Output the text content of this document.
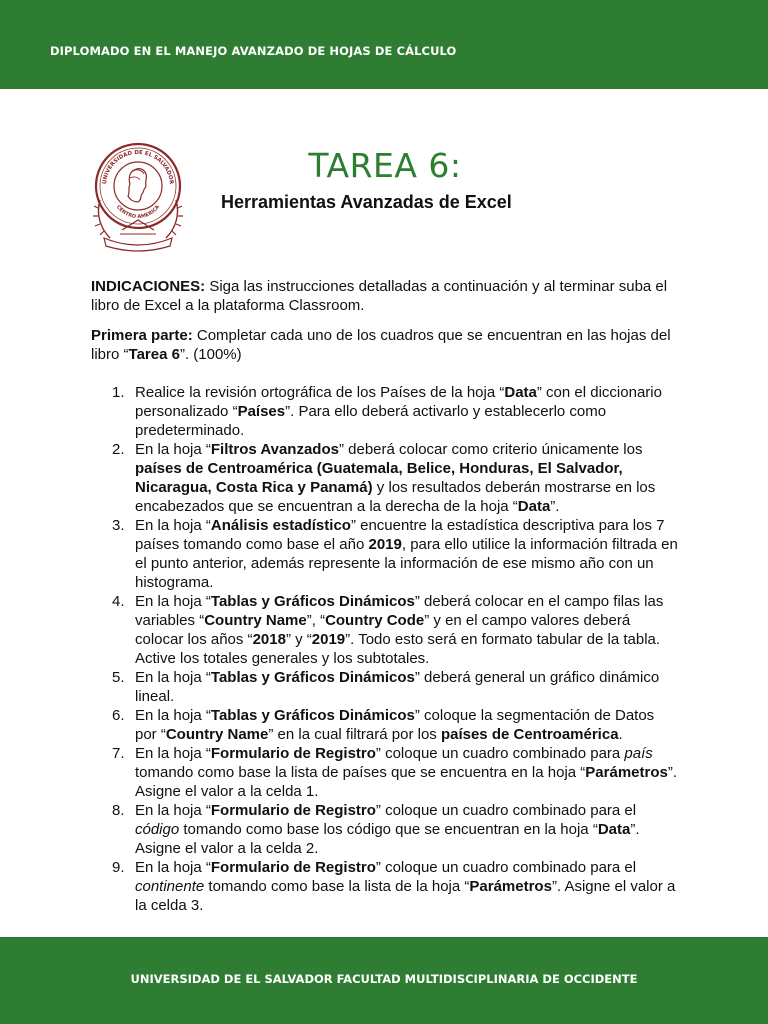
DIPLOMADO EN EL MANEJO AVANZADO DE HOJAS DE CÁLCULO
UNIVERSIDAD DE EL SALVADOR
CENTRO AMERICA
TAREA 6:
Herramientas Avanzadas de Excel
INDICACIONES: Siga las instrucciones detalladas a continuación y al terminar suba el libro de Excel a la plataforma Classroom.
Primera parte: Completar cada uno de los cuadros que se encuentran en las hojas del libro “Tarea 6”. (100%)
1. Realice la revisión ortográfica de los Países de la hoja “Data” con el diccionario personalizado “Países”. Para ello deberá activarlo y establecerlo como predeterminado.
2. En la hoja “Filtros Avanzados” deberá colocar como criterio únicamente los países de Centroamérica (Guatemala, Belice, Honduras, El Salvador, Nicaragua, Costa Rica y Panamá) y los resultados deberán mostrarse en los encabezados que se encuentran a la derecha de la hoja “Data”.
3. En la hoja “Análisis estadístico” encuentre la estadística descriptiva para los 7 países tomando como base el año 2019, para ello utilice la información filtrada en el punto anterior, además represente la información de ese mismo año con un histograma.
4. En la hoja “Tablas y Gráficos Dinámicos” deberá colocar en el campo filas las variables “Country Name”, “Country Code” y en el campo valores deberá colocar los años “2018” y “2019”. Todo esto será en formato tabular de la tabla. Active los totales generales y los subtotales.
5. En la hoja “Tablas y Gráficos Dinámicos” deberá general un gráfico dinámico lineal.
6. En la hoja “Tablas y Gráficos Dinámicos” coloque la segmentación de Datos por “Country Name” en la cual filtrará por los países de Centroamérica.
7. En la hoja “Formulario de Registro” coloque un cuadro combinado para país tomando como base la lista de países que se encuentra en la hoja “Parámetros”. Asigne el valor a la celda 1.
8. En la hoja “Formulario de Registro” coloque un cuadro combinado para el código tomando como base los código que se encuentran en la hoja “Data”. Asigne el valor a la celda 2.
9. En la hoja “Formulario de Registro” coloque un cuadro combinado para el continente tomando como base la lista de la hoja “Parámetros”. Asigne el valor a la celda 3.
UNIVERSIDAD DE EL SALVADOR FACULTAD MULTIDISCIPLINARIA DE OCCIDENTE
